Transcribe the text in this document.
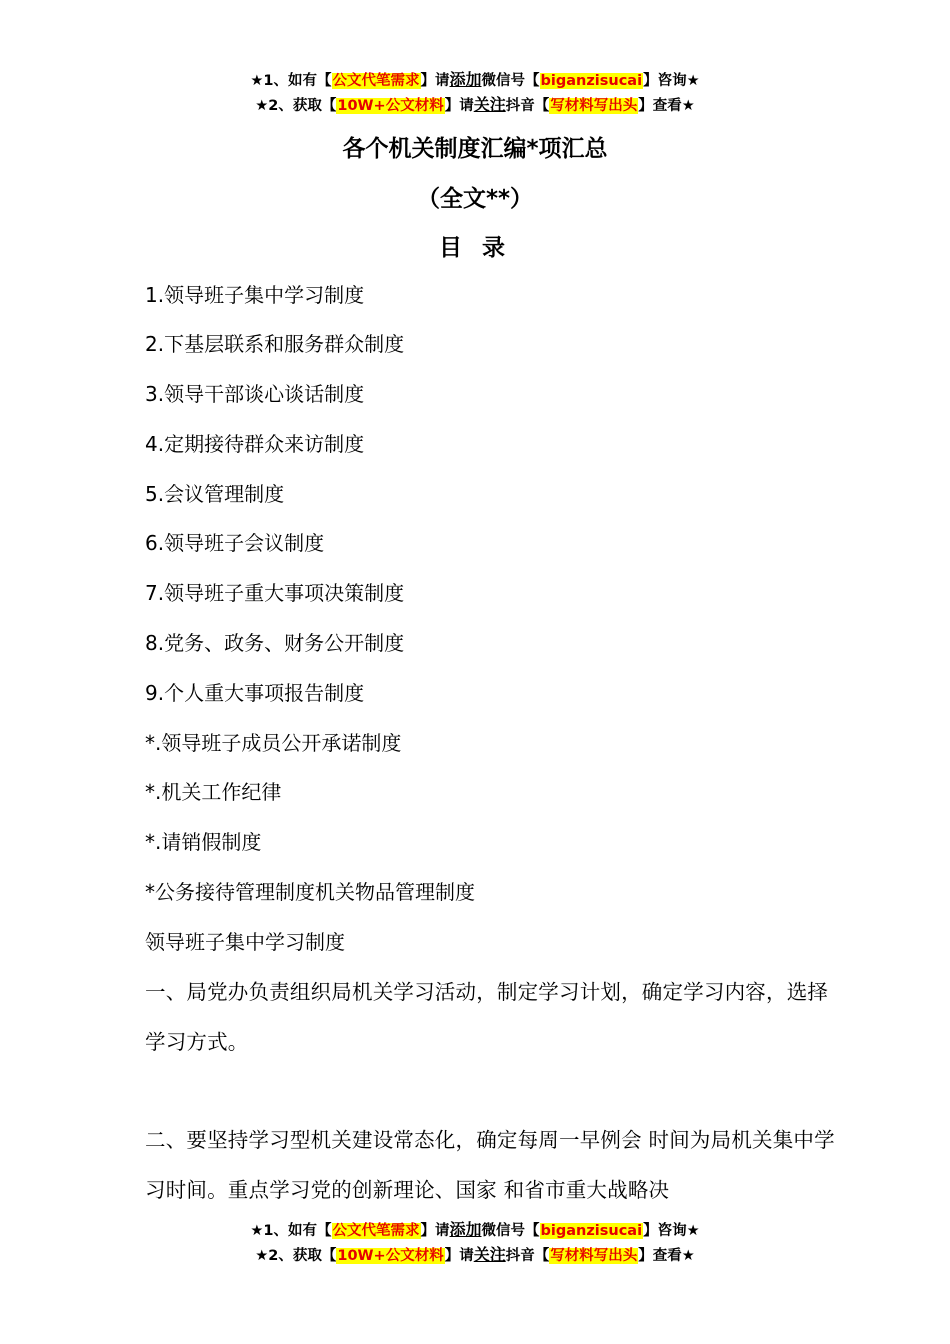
★1、如有【公文代笔需求】请添加微信号【biganzisucai】咨询★
★2、获取【10W+公文材料】请关注抖音【写材料写出头】查看★
各个机关制度汇编*项汇总
（全文**）
目 录
1.领导班子集中学习制度
2.下基层联系和服务群众制度
3.领导干部谈心谈话制度
4.定期接待群众来访制度
5.会议管理制度
6.领导班子会议制度
7.领导班子重大事项决策制度
8.党务、政务、财务公开制度
9.个人重大事项报告制度
*.领导班子成员公开承诺制度
*.机关工作纪律
*.请销假制度
*公务接待管理制度机关物品管理制度
领导班子集中学习制度
一、局党办负责组织局机关学习活动，制定学习计划，确定学习内容，选择学习方式。
二、要坚持学习型机关建设常态化，确定每周一早例会 时间为局机关集中学习时间。重点学习党的创新理论、国家 和省市重大战略决
★1、如有【公文代笔需求】请添加微信号【biganzisucai】咨询★
★2、获取【10W+公文材料】请关注抖音【写材料写出头】查看★
